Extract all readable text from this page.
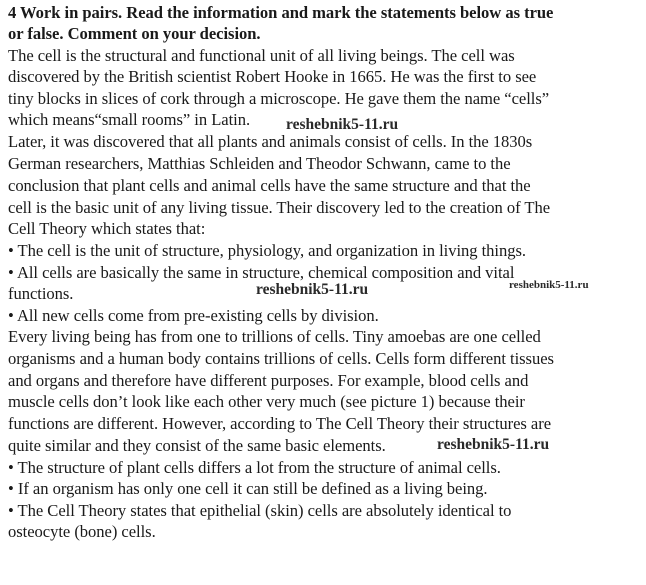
4 Work in pairs. Read the information and mark the statements below as true
or false. Comment on your decision.
The cell is the structural and functional unit of all living beings. The cell was
discovered by the British scientist Robert Hooke in 1665. He was the first to see
tiny blocks in slices of cork through a microscope. He gave them the name “cells”
which means“small rooms” in Latin.
Later, it was discovered that all plants and animals consist of cells. In the 1830s
German researchers, Matthias Schleiden and Theodor Schwann, came to the
conclusion that plant cells and animal cells have the same structure and that the
cell is the basic unit of any living tissue. Their discovery led to the creation of The
Cell Theory which states that:
• The cell is the unit of structure, physiology, and organization in living things.
• All cells are basically the same in structure, chemical composition and vital
functions.
• All new cells come from pre-existing cells by division.
Every living being has from one to trillions of cells. Tiny amoebas are one celled
organisms and a human body contains trillions of cells. Cells form different tissues
and organs and therefore have different purposes. For example, blood cells and
muscle cells don’t look like each other very much (see picture 1) because their
functions are different. However, according to The Cell Theory their structures are
quite similar and they consist of the same basic elements.
• The structure of plant cells differs a lot from the structure of animal cells.
• If an organism has only one cell it can still be defined as a living being.
• The Cell Theory states that epithelial (skin) cells are absolutely identical to
osteocyte (bone) cells.
reshebnik5-11.ru
reshebnik5-11.ru	reshebnik5-11.ru
reshebnik5-11.ru
